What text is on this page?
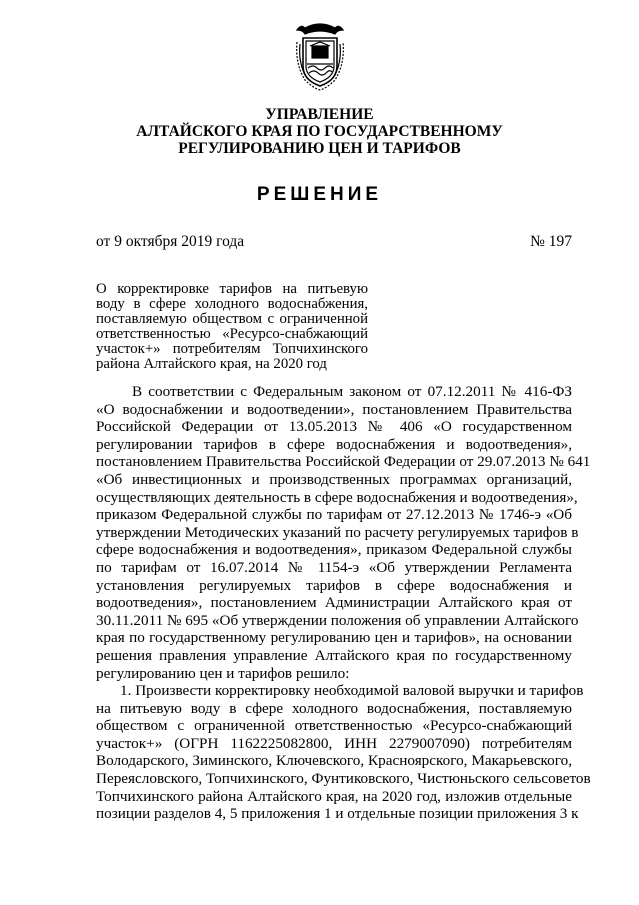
УПРАВЛЕНИЕ
АЛТАЙСКОГО КРАЯ ПО ГОСУДАРСТВЕННОМУ
РЕГУЛИРОВАНИЮ ЦЕН И ТАРИФОВ
РЕШЕНИЕ
от 9 октября 2019 года	№ 197
О корректировке тарифов на питьевую
воду в сфере холодного водоснабжения,
поставляемую обществом с ограниченной
ответственностью «Ресурсо-снабжающий
участок+» потребителям Топчихинского
района Алтайского края, на 2020 год
В соответствии с Федеральным законом от 07.12.2011 № 416-ФЗ
«О водоснабжении и водоотведении», постановлением Правительства
Российской Федерации от 13.05.2013 № 406 «О государственном
регулировании тарифов в сфере водоснабжения и водоотведения»,
постановлением Правительства Российской Федерации от 29.07.2013 № 641
«Об инвестиционных и производственных программах организаций,
осуществляющих деятельность в сфере водоснабжения и водоотведения»,
приказом Федеральной службы по тарифам от 27.12.2013 № 1746-э «Об
утверждении Методических указаний по расчету регулируемых тарифов в
сфере водоснабжения и водоотведения», приказом Федеральной службы
по тарифам от 16.07.2014 № 1154-э «Об утверждении Регламента
установления регулируемых тарифов в сфере водоснабжения и
водоотведения», постановлением Администрации Алтайского края от
30.11.2011 № 695 «Об утверждении положения об управлении Алтайского
края по государственному регулированию цен и тарифов», на основании
решения правления управление Алтайского края по государственному
регулированию цен и тарифов решило:
1. Произвести корректировку необходимой валовой выручки и тарифов
на питьевую воду в сфере холодного водоснабжения, поставляемую
обществом с ограниченной ответственностью «Ресурсо-снабжающий
участок+» (ОГРН 1162225082800, ИНН 2279007090) потребителям
Володарского, Зиминского, Ключевского, Красноярского, Макарьевского,
Переясловского, Топчихинского, Фунтиковского, Чистюньского сельсоветов
Топчихинского района Алтайского края, на 2020 год, изложив отдельные
позиции разделов 4, 5 приложения 1 и отдельные позиции приложения 3 к
